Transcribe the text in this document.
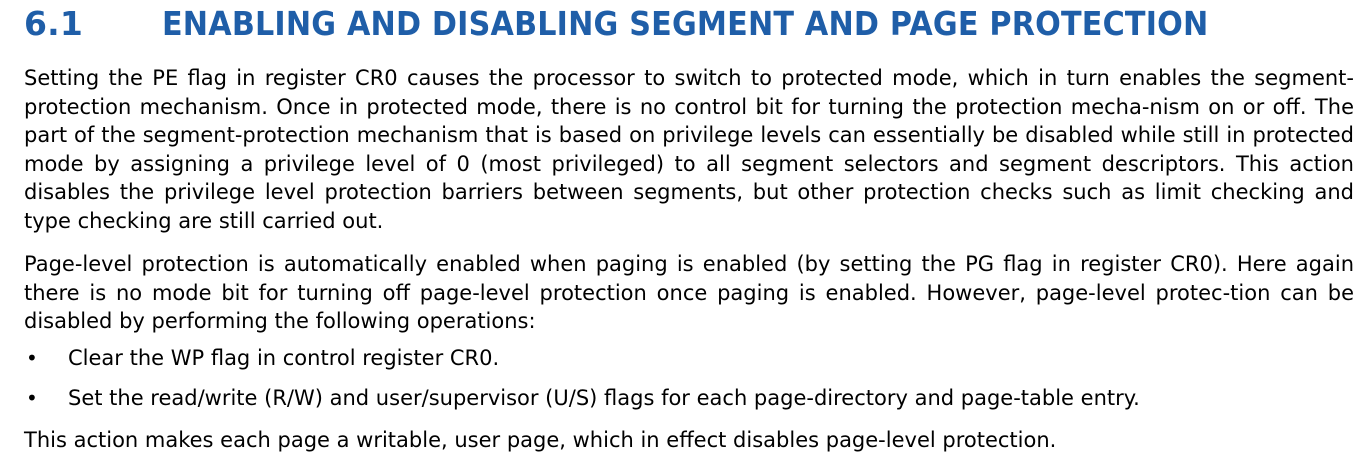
6.1 ENABLING AND DISABLING SEGMENT AND PAGE PROTECTION

Setting the PE flag in register CR0 causes the processor to switch to protected mode, which in turn enables the segment-protection mechanism. Once in protected mode, there is no control bit for turning the protection mecha-nism on or off. The part of the segment-protection mechanism that is based on privilege levels can essentially be disabled while still in protected mode by assigning a privilege level of 0 (most privileged) to all segment selectors and segment descriptors. This action disables the privilege level protection barriers between segments, but other protection checks such as limit checking and type checking are still carried out.

Page-level protection is automatically enabled when paging is enabled (by setting the PG flag in register CR0). Here again there is no mode bit for turning off page-level protection once paging is enabled. However, page-level protec-tion can be disabled by performing the following operations:

• Clear the WP flag in control register CR0.
• Set the read/write (R/W) and user/supervisor (U/S) flags for each page-directory and page-table entry.

This action makes each page a writable, user page, which in effect disables page-level protection.
